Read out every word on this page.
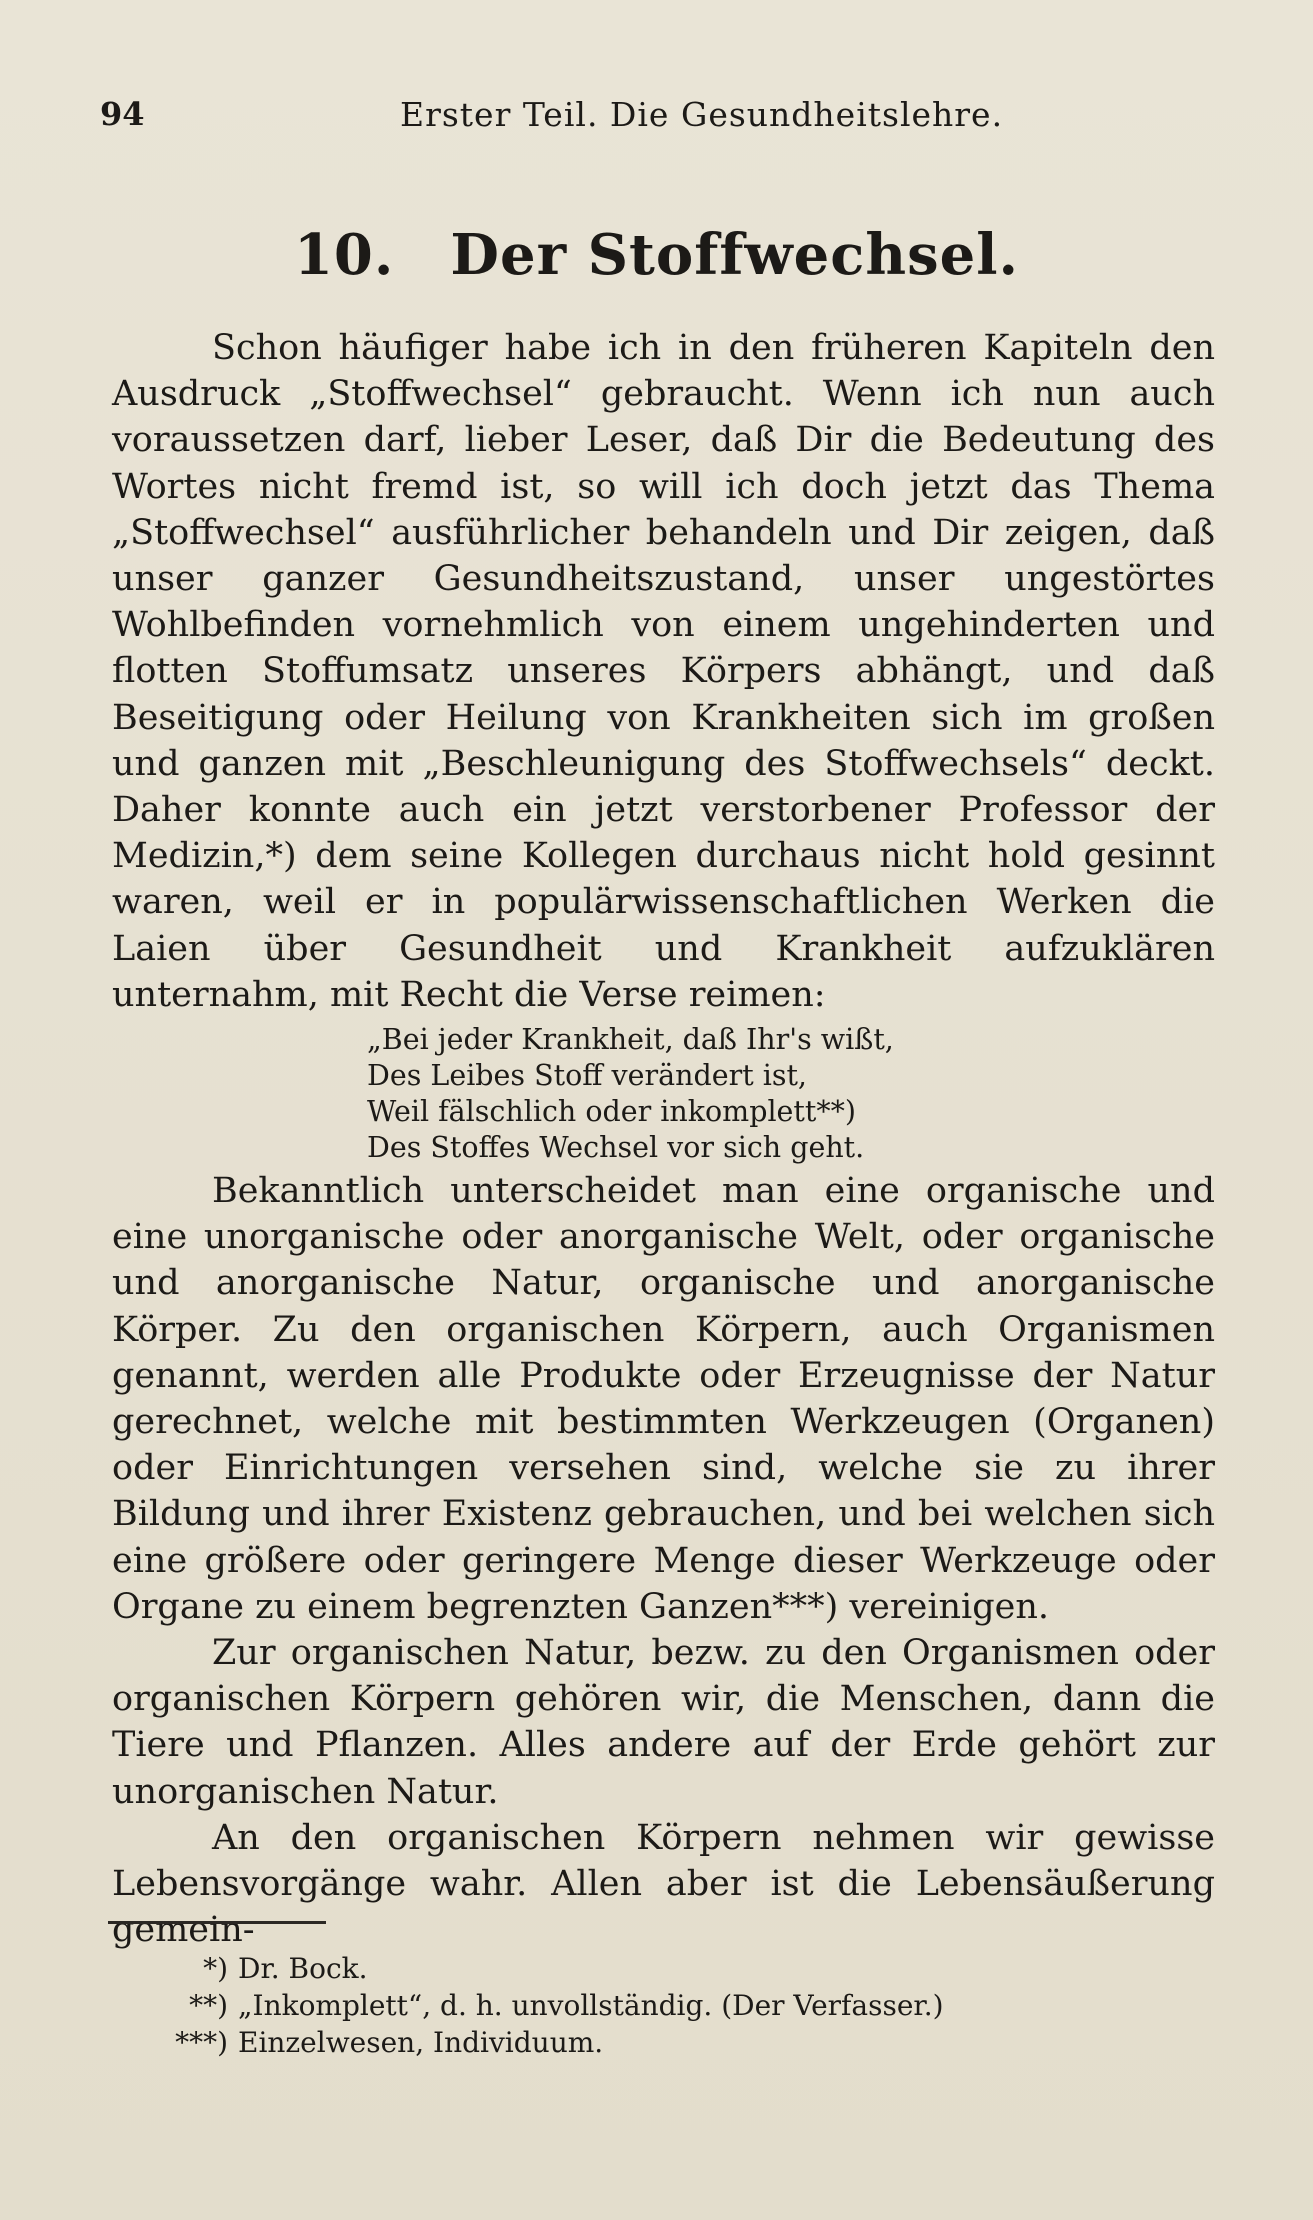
94	Erster Teil. Die Gesundheitslehre.
10. Der Stoffwechsel.

Schon häufiger habe ich in den früheren Kapiteln den Ausdruck „Stoffwechsel“ gebraucht. Wenn ich nun auch voraussetzen darf, lieber Leser, daß Dir die Bedeutung des Wortes nicht fremd ist, so will ich doch jetzt das Thema „Stoffwechsel“ ausführlicher behandeln und Dir zeigen, daß unser ganzer Gesundheitszustand, unser ungestörtes Wohlbefinden vornehmlich von einem ungehinderten und flotten Stoffumsatz unseres Körpers abhängt, und daß Beseitigung oder Heilung von Krankheiten sich im großen und ganzen mit „Beschleunigung des Stoffwechsels“ deckt. Daher konnte auch ein jetzt verstorbener Professor der Medizin,*) dem seine Kollegen durchaus nicht hold gesinnt waren, weil er in populärwissenschaftlichen Werken die Laien über Gesundheit und Krankheit aufzuklären unternahm, mit Recht die Verse reimen:

„Bei jeder Krankheit, daß Ihr's wißt,
Des Leibes Stoff verändert ist,
Weil fälschlich oder inkomplett**)
Des Stoffes Wechsel vor sich geht.

Bekanntlich unterscheidet man eine organische und eine unorganische oder anorganische Welt, oder organische und anorganische Natur, organische und anorganische Körper. Zu den organischen Körpern, auch Organismen genannt, werden alle Produkte oder Erzeugnisse der Natur gerechnet, welche mit bestimmten Werkzeugen (Organen) oder Einrichtungen versehen sind, welche sie zu ihrer Bildung und ihrer Existenz gebrauchen, und bei welchen sich eine größere oder geringere Menge dieser Werkzeuge oder Organe zu einem begrenzten Ganzen***) vereinigen.

Zur organischen Natur, bezw. zu den Organismen oder organischen Körpern gehören wir, die Menschen, dann die Tiere und Pflanzen. Alles andere auf der Erde gehört zur unorganischen Natur.

An den organischen Körpern nehmen wir gewisse Lebensvorgänge wahr. Allen aber ist die Lebensäußerung gemein-

*) Dr. Bock.
**) „Inkomplett“, d. h. unvollständig. (Der Verfasser.)
***) Einzelwesen, Individuum.
